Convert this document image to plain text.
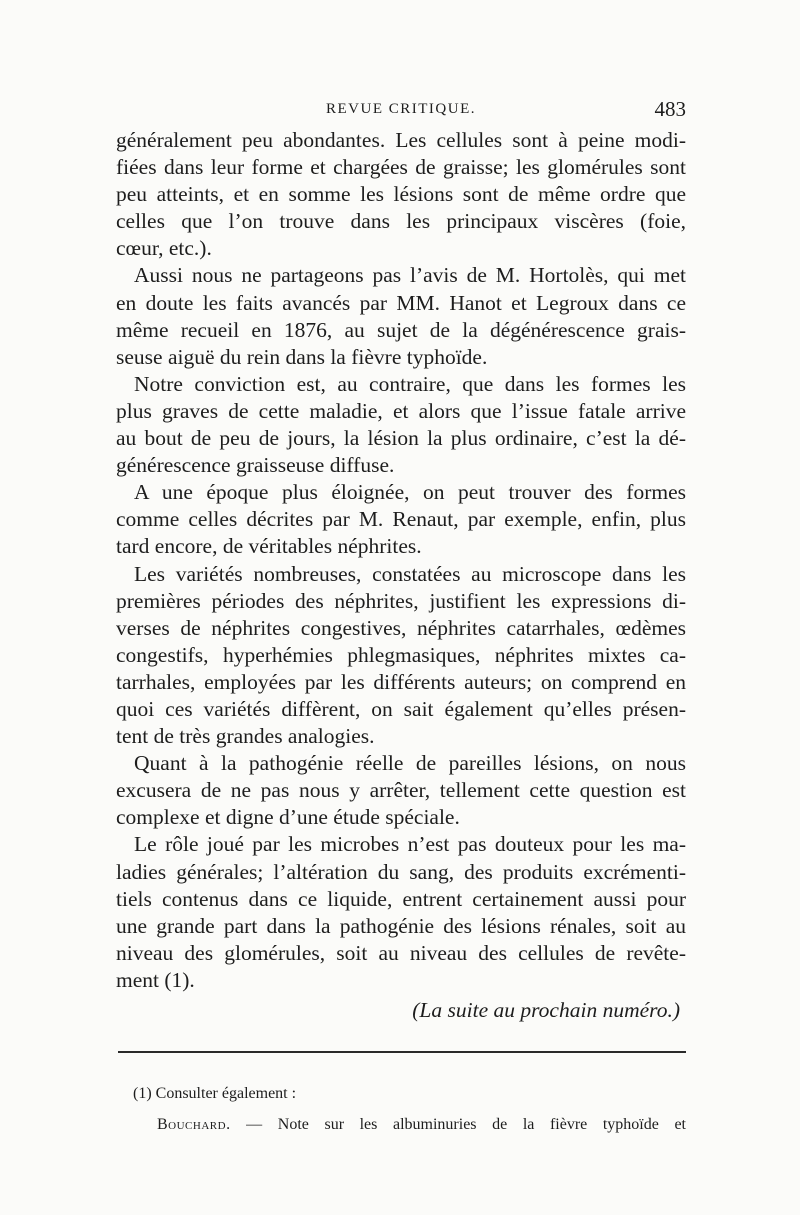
REVUE CRITIQUE.	483
généralement peu abondantes. Les cellules sont à peine modi-
fiées dans leur forme et chargées de graisse; les glomérules sont
peu atteints, et en somme les lésions sont de même ordre que
celles que l’on trouve dans les principaux viscères (foie,
cœur, etc.).
Aussi nous ne partageons pas l’avis de M. Hortolès, qui met
en doute les faits avancés par MM. Hanot et Legroux dans ce
même recueil en 1876, au sujet de la dégénérescence grais-
seuse aiguë du rein dans la fièvre typhoïde.
Notre conviction est, au contraire, que dans les formes les
plus graves de cette maladie, et alors que l’issue fatale arrive
au bout de peu de jours, la lésion la plus ordinaire, c’est la dé-
générescence graisseuse diffuse.
A une époque plus éloignée, on peut trouver des formes
comme celles décrites par M. Renaut, par exemple, enfin, plus
tard encore, de véritables néphrites.
Les variétés nombreuses, constatées au microscope dans les
premières périodes des néphrites, justifient les expressions di-
verses de néphrites congestives, néphrites catarrhales, œdèmes
congestifs, hyperhémies phlegmasiques, néphrites mixtes ca-
tarrhales, employées par les différents auteurs; on comprend en
quoi ces variétés diffèrent, on sait également qu’elles présen-
tent de très grandes analogies.
Quant à la pathogénie réelle de pareilles lésions, on nous
excusera de ne pas nous y arrêter, tellement cette question est
complexe et digne d’une étude spéciale.
Le rôle joué par les microbes n’est pas douteux pour les ma-
ladies générales; l’altération du sang, des produits excrémenti-
tiels contenus dans ce liquide, entrent certainement aussi pour
une grande part dans la pathogénie des lésions rénales, soit au
niveau des glomérules, soit au niveau des cellules de revête-
ment (1).
(La suite au prochain numéro.)
(1) Consulter également :
Bouchard. — Note sur les albuminuries de la fièvre typhoïde et
